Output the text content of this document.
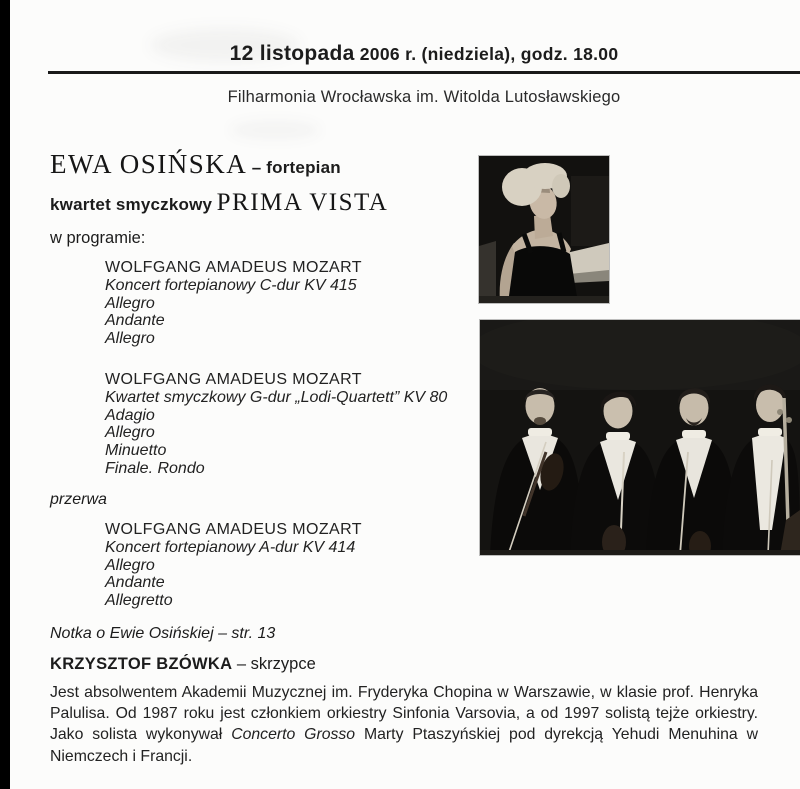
12 listopada 2006 r. (niedziela), godz. 18.00
Filharmonia Wrocławska im. Witolda Lutosławskiego
EWA OSIŃSKA – fortepian
kwartet smyczkowy PRIMA VISTA
w programie:
WOLFGANG AMADEUS MOZART
Koncert fortepianowy C-dur KV 415
Allegro
Andante
Allegro
WOLFGANG AMADEUS MOZART
Kwartet smyczkowy G-dur „Lodi-Quartett” KV 80
Adagio
Allegro
Minuetto
Finale. Rondo
przerwa
WOLFGANG AMADEUS MOZART
Koncert fortepianowy A-dur KV 414
Allegro
Andante
Allegretto
Notka o Ewie Osińskiej – str. 13
KRZYSZTOF BZÓWKA – skrzypce

Jest absolwentem Akademii Muzycznej im. Fryderyka Chopina w Warszawie, w klasie prof. Henryka Palulisa. Od 1987 roku jest członkiem orkiestry Sinfonia Varsovia, a od 1997 solistą tejże orkiestry. Jako solista wykonywał Concerto Grosso Marty Ptaszyńskiej pod dyrekcją Yehudi Menuhina w Niemczech i Francji.
